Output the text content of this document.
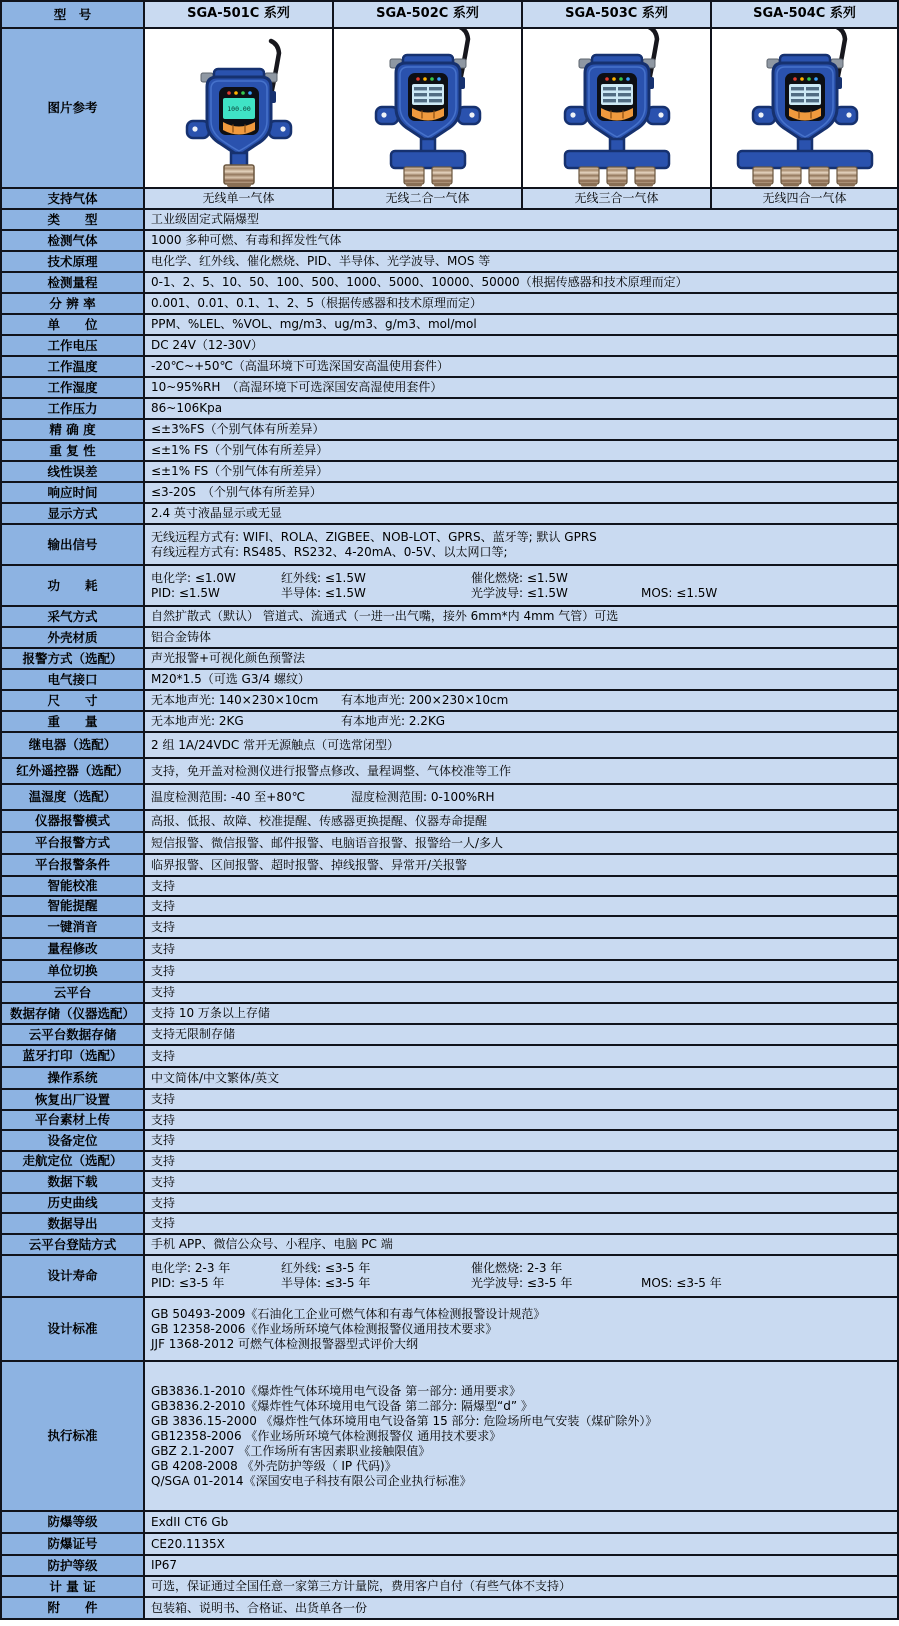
型　号	SGA-501C 系列	SGA-502C 系列	SGA-503C 系列	SGA-504C 系列
图片参考	100.00

支持气体	无线单一气体	无线二合一气体	无线三合一气体	无线四合一气体
类　　型	工业级固定式隔爆型			
检测气体	1000 多种可燃、有毒和挥发性气体			
技术原理	电化学、红外线、催化燃烧、PID、半导体、光学波导、MOS 等			
检测量程	0-1、2、5、10、50、100、500、1000、5000、10000、50000（根据传感器和技术原理而定）			
分 辨 率	0.001、0.01、0.1、1、2、5（根据传感器和技术原理而定）			
单　　位	PPM、%LEL、%VOL、mg/m3、ug/m3、g/m3、mol/mol			
工作电压	DC 24V（12-30V）			
工作温度	-20℃~+50℃（高温环境下可选深国安高温使用套件）			
工作湿度	10~95%RH　（高湿环境下可选深国安高湿使用套件）			
工作压力	86~106Kpa			
精 确 度	≤±3%FS（个别气体有所差异）			
重 复 性	≤±1% FS（个别气体有所差异）			
线性误差	≤±1% FS（个别气体有所差异）			
响应时间	≤3-20S　（个别气体有所差异）			
显示方式	2.4 英寸液晶显示或无显			
输出信号	无线远程方式有: WIFI、ROLA、ZIGBEE、NOB-LOT、GPRS、蓝牙等; 默认 GPRS
有线远程方式有: RS485、RS232、4-20mA、0-5V、以太网口等;			

功　　耗	电化学: ≤1.0W 红外线: ≤1.5W 催化燃烧: ≤1.5W
PID: ≤1.5W 半导体: ≤1.5W 光学波导: ≤1.5W MOS: ≤1.5W			

采气方式	自然扩散式（默认） 管道式、流通式（一进一出气嘴，接外 6mm*内 4mm 气管）可选			
外壳材质	铝合金铸体			
报警方式（选配）	声光报警+可视化颜色预警法			
电气接口	M20*1.5（可选 G3/4 螺纹）			
尺　　寸	无本地声光: 140×230×10cm 有本地声光: 200×230×10cm			

重　　量	无本地声光: 2KG 有本地声光: 2.2KG			

继电器（选配）	2 组 1A/24VDC 常开无源触点（可选常闭型）			
红外遥控器（选配）	支持，免开盖对检测仪进行报警点修改、量程调整、气体校准等工作			
温湿度（选配）	温度检测范围: -40 至+80℃ 湿度检测范围: 0-100%RH			

仪器报警模式	高报、低报、故障、校准提醒、传感器更换提醒、仪器寿命提醒			
平台报警方式	短信报警、微信报警、邮件报警、电脑语音报警、报警给一人/多人			
平台报警条件	临界报警、区间报警、超时报警、掉线报警、异常开/关报警			
智能校准	支持			
智能提醒	支持			
一键消音	支持			
量程修改	支持			
单位切换	支持			
云平台	支持			
数据存储（仪器选配）	支持 10 万条以上存储			
云平台数据存储	支持无限制存储			
蓝牙打印（选配）	支持			
操作系统	中文简体/中文繁体/英文			
恢复出厂设置	支持			
平台素材上传	支持			
设备定位	支持			
走航定位（选配）	支持			
数据下载	支持			
历史曲线	支持			
数据导出	支持			
云平台登陆方式	手机 APP、微信公众号、小程序、电脑 PC 端			
设计寿命	电化学: 2-3 年 红外线: ≤3-5 年 催化燃烧: 2-3 年
PID: ≤3-5 年 半导体: ≤3-5 年 光学波导: ≤3-5 年 MOS: ≤3-5 年			

设计标准	GB 50493-2009《石油化工企业可燃气体和有毒气体检测报警设计规范》
GB 12358-2006《作业场所环境气体检测报警仪通用技术要求》
JJF 1368-2012 可燃气体检测报警器型式评价大纲			

执行标准	
GB3836.1-2010《爆炸性气体环境用电气设备 第一部分: 通用要求》
GB3836.2-2010《爆炸性气体环境用电气设备 第二部分: 隔爆型“d” 》
GB 3836.15-2000 《爆炸性气体环境用电气设备第 15 部分: 危险场所电气安装（煤矿除外）》
GB12358-2006 《作业场所环境气体检测报警仪 通用技术要求》
GBZ 2.1-2007 《工作场所有害因素职业接触限值》
GB 4208-2008 《外壳防护等级（ IP 代码)》
Q/SGA 01-2014《深国安电子科技有限公司企业执行标准》

防爆等级	ExdII CT6 Gb			
防爆证号	CE20.1135X			
防护等级	IP67			
计 量 证	可选，保证通过全国任意一家第三方计量院，费用客户自付（有些气体不支持）			
附　　件	包装箱、说明书、合格证、出货单各一份			
